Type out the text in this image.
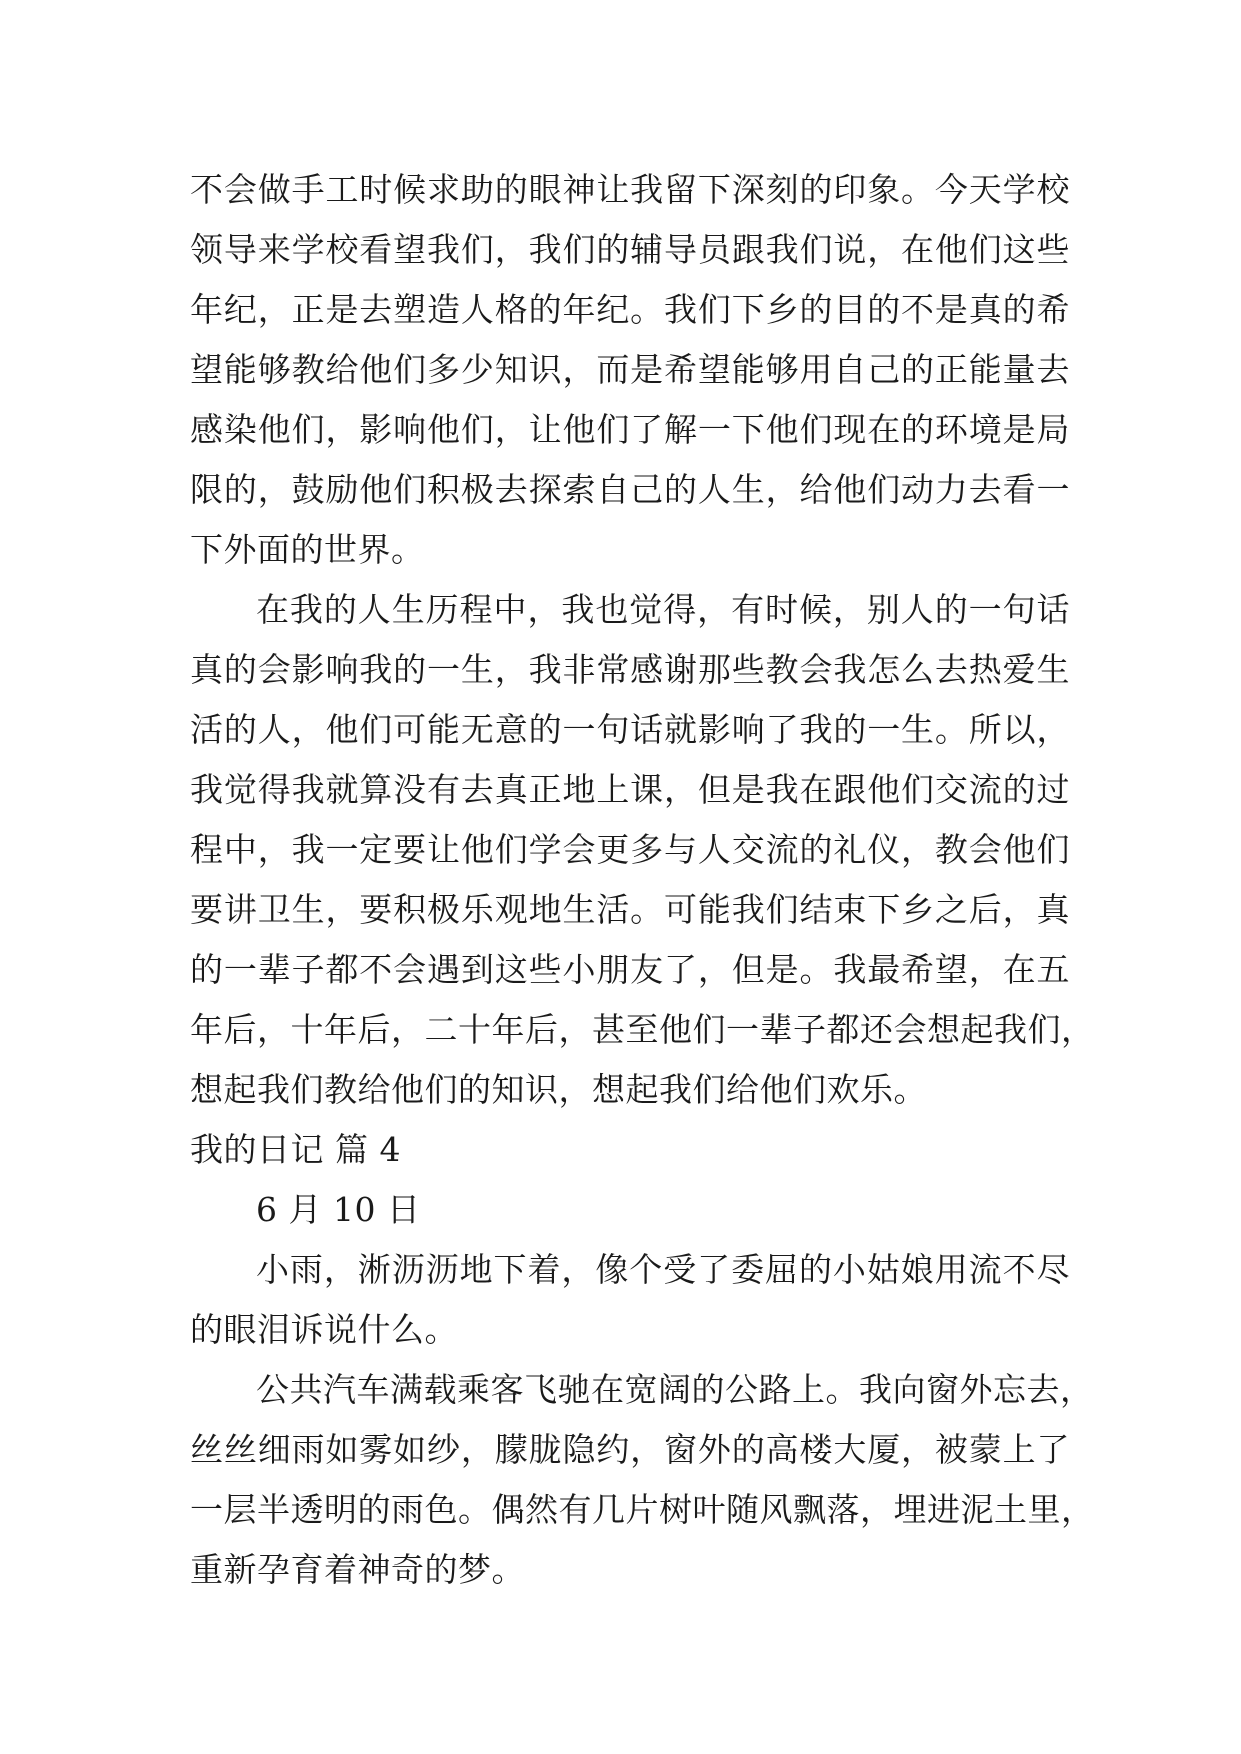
不会做手工时候求助的眼神让我留下深刻的印象。今天学校
领导来学校看望我们，我们的辅导员跟我们说，在他们这些
年纪，正是去塑造人格的年纪。我们下乡的目的不是真的希
望能够教给他们多少知识，而是希望能够用自己的正能量去
感染他们，影响他们，让他们了解一下他们现在的环境是局
限的，鼓励他们积极去探索自己的人生，给他们动力去看一
下外面的世界。
在我的人生历程中，我也觉得，有时候，别人的一句话
真的会影响我的一生，我非常感谢那些教会我怎么去热爱生
活的人，他们可能无意的一句话就影响了我的一生。所以，
我觉得我就算没有去真正地上课，但是我在跟他们交流的过
程中，我一定要让他们学会更多与人交流的礼仪，教会他们
要讲卫生，要积极乐观地生活。可能我们结束下乡之后，真
的一辈子都不会遇到这些小朋友了，但是。我最希望，在五
年后，十年后，二十年后，甚至他们一辈子都还会想起我们，
想起我们教给他们的知识，想起我们给他们欢乐。
我的日记 篇 4
6 月 10 日
小雨，淅沥沥地下着，像个受了委屈的小姑娘用流不尽
的眼泪诉说什么。
公共汽车满载乘客飞驰在宽阔的公路上。我向窗外忘去，
丝丝细雨如雾如纱，朦胧隐约，窗外的高楼大厦，被蒙上了
一层半透明的雨色。偶然有几片树叶随风飘落，埋进泥土里，
重新孕育着神奇的梦。
